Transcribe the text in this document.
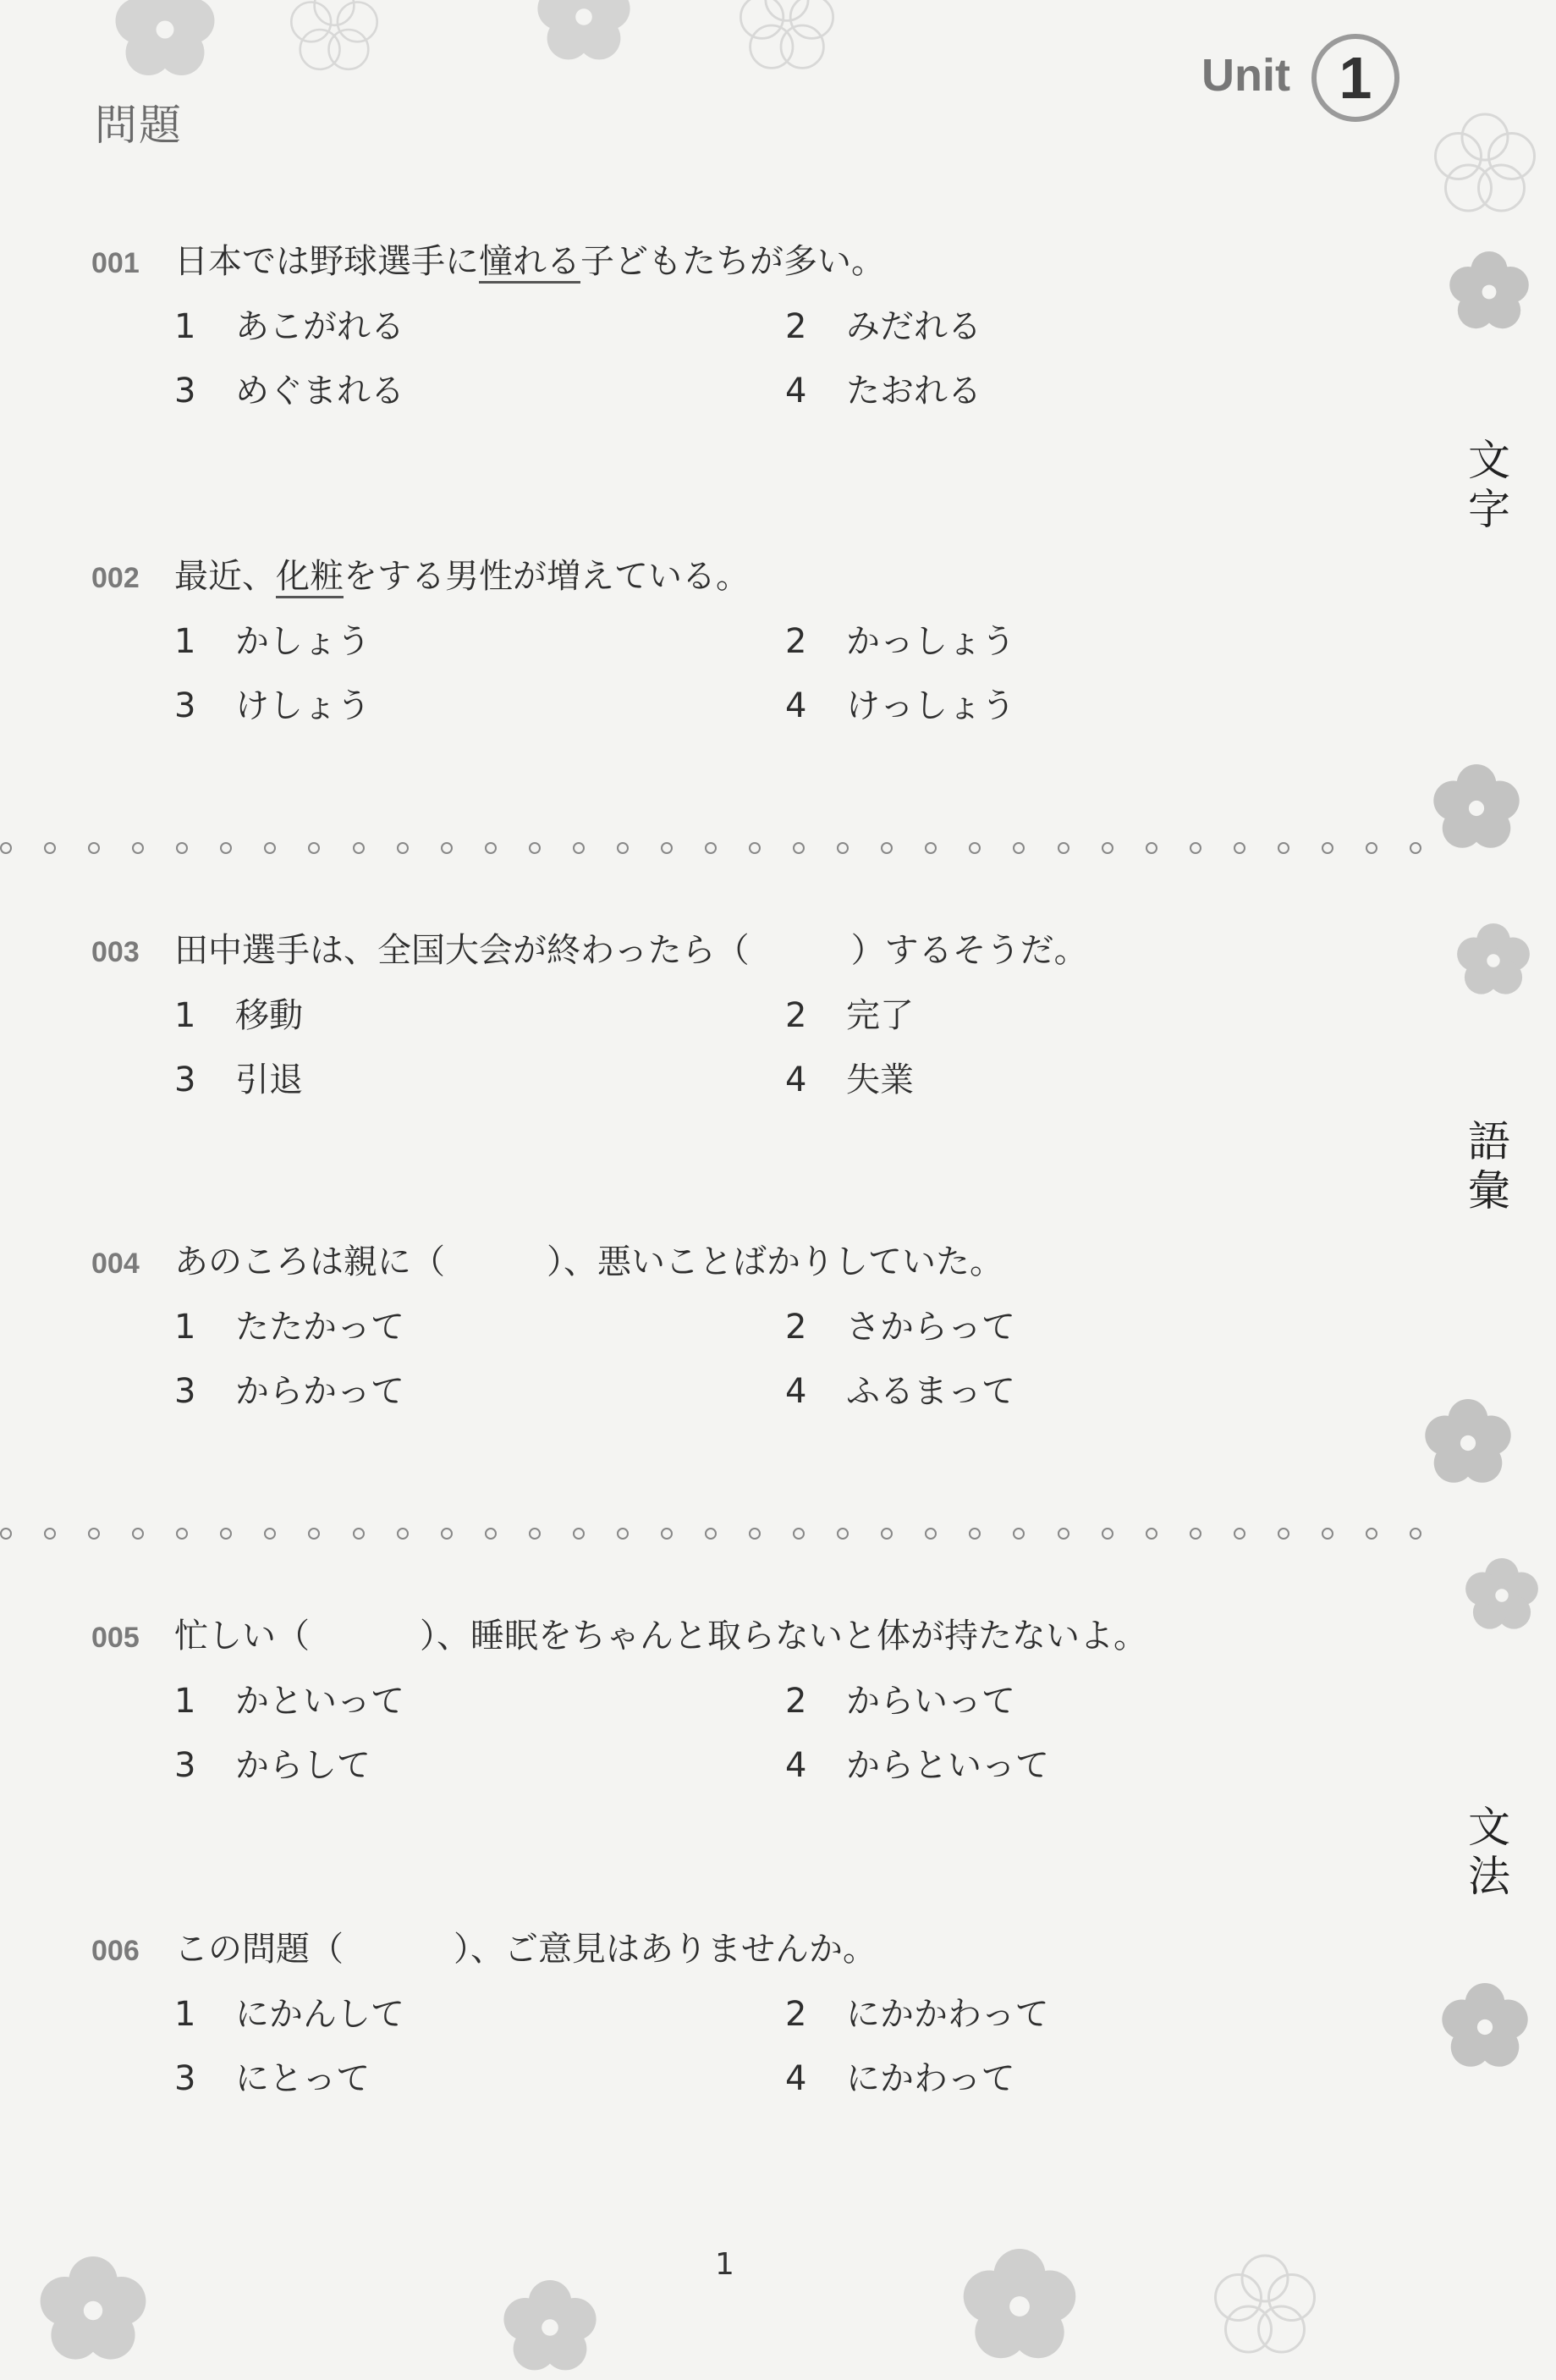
問題
Unit 1
001 日本では野球選手に憧れる子どもたちが多い。
1 あこがれる	2 みだれる
3 めぐまれる	4 たおれる
002 最近、化粧をする男性が増えている。
1 かしょう	2 かっしょう
3 けしょう	4 けっしょう
003 田中選手は、全国大会が終わったら（	）するそうだ。
1 移動	2 完了
3 引退	4 失業
004 あのころは親に（	）、悪いことばかりしていた。
1 たたかって	2 さからって
3 からかって	4 ふるまって
005 忙しい（	）、睡眠をちゃんと取らないと体が持たないよ。
1 かといって	2 からいって
3 からして	4 からといって
006 この問題（	）、ご意見はありませんか。
1 にかんして	2 にかかわって
3 にとって	4 にかわって
文字
語彙
文法
1
